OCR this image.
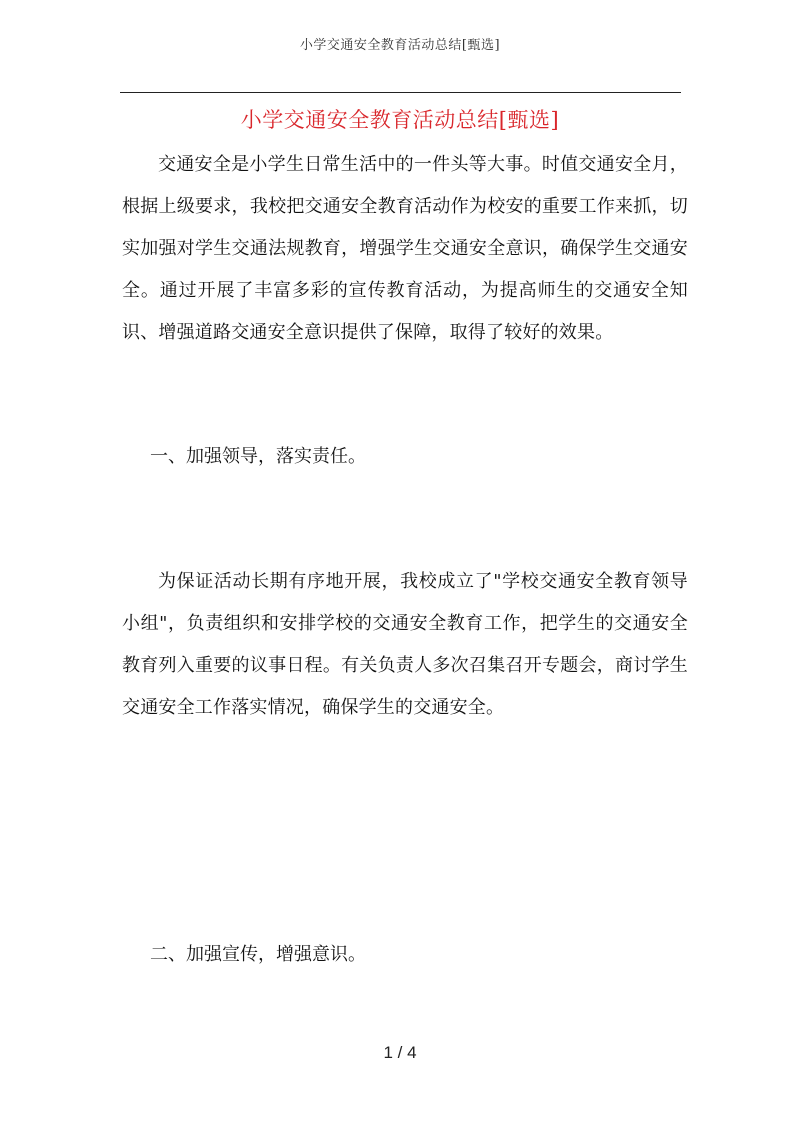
小学交通安全教育活动总结[甄选]
小学交通安全教育活动总结[甄选]

交通安全是小学生日常生活中的一件头等大事。时值交通安全月，根据上级要求，我校把交通安全教育活动作为校安的重要工作来抓，切实加强对学生交通法规教育，增强学生交通安全意识，确保学生交通安全。通过开展了丰富多彩的宣传教育活动，为提高师生的交通安全知识、增强道路交通安全意识提供了保障，取得了较好的效果。

一、加强领导，落实责任。

为保证活动长期有序地开展，我校成立了"学校交通安全教育领导小组"，负责组织和安排学校的交通安全教育工作，把学生的交通安全教育列入重要的议事日程。有关负责人多次召集召开专题会，商讨学生交通安全工作落实情况，确保学生的交通安全。

二、加强宣传，增强意识。

1 / 4
